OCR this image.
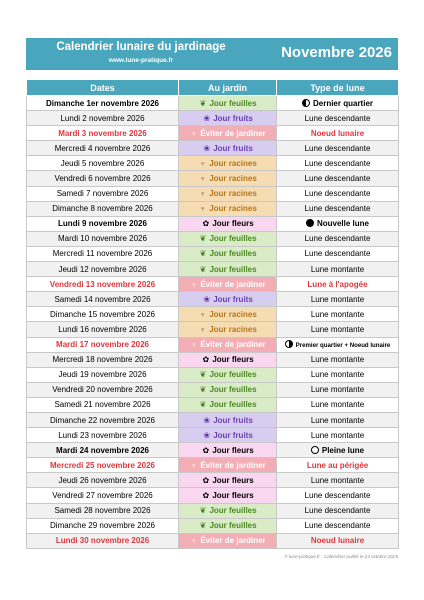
Calendrier lunaire du jardinage
www.lune-pratique.fr	Novembre 2026
Dates	Au jardin	Type de lune
Dimanche 1er novembre 2026	❦ Jour feuilles	Dernier quartier
Lundi 2 novembre 2026	❀ Jour fruits	Lune descendante
Mardi 3 novembre 2026	♆ Éviter de jardiner	Noeud lunaire
Mercredi 4 novembre 2026	❀ Jour fruits	Lune descendante
Jeudi 5 novembre 2026	♆ Jour racines	Lune descendante
Vendredi 6 novembre 2026	♆ Jour racines	Lune descendante
Samedi 7 novembre 2026	♆ Jour racines	Lune descendante
Dimanche 8 novembre 2026	♆ Jour racines	Lune descendante
Lundi 9 novembre 2026	✿ Jour fleurs	Nouvelle lune
Mardi 10 novembre 2026	❦ Jour feuilles	Lune descendante
Mercredi 11 novembre 2026	❦ Jour feuilles	Lune descendante
Jeudi 12 novembre 2026	❦ Jour feuilles	Lune montante
Vendredi 13 novembre 2026	♆ Éviter de jardiner	Lune à l'apogée
Samedi 14 novembre 2026	❀ Jour fruits	Lune montante
Dimanche 15 novembre 2026	♆ Jour racines	Lune montante
Lundi 16 novembre 2026	♆ Jour racines	Lune montante
Mardi 17 novembre 2026	♆ Éviter de jardiner	Premier quartier + Noeud lunaire
Mercredi 18 novembre 2026	✿ Jour fleurs	Lune montante
Jeudi 19 novembre 2026	❦ Jour feuilles	Lune montante
Vendredi 20 novembre 2026	❦ Jour feuilles	Lune montante
Samedi 21 novembre 2026	❦ Jour feuilles	Lune montante
Dimanche 22 novembre 2026	❀ Jour fruits	Lune montante
Lundi 23 novembre 2026	❀ Jour fruits	Lune montante
Mardi 24 novembre 2026	✿ Jour fleurs	Pleine lune
Mercredi 25 novembre 2026	♆ Éviter de jardiner	Lune au périgée
Jeudi 26 novembre 2026	✿ Jour fleurs	Lune montante
Vendredi 27 novembre 2026	✿ Jour fleurs	Lune descendante
Samedi 28 novembre 2026	❦ Jour feuilles	Lune descendante
Dimanche 29 novembre 2026	❦ Jour feuilles	Lune descendante
Lundi 30 novembre 2026	♆ Éviter de jardiner	Noeud lunaire
© lune-pratique.fr - Calendrier publié le 24 octobre 2025
